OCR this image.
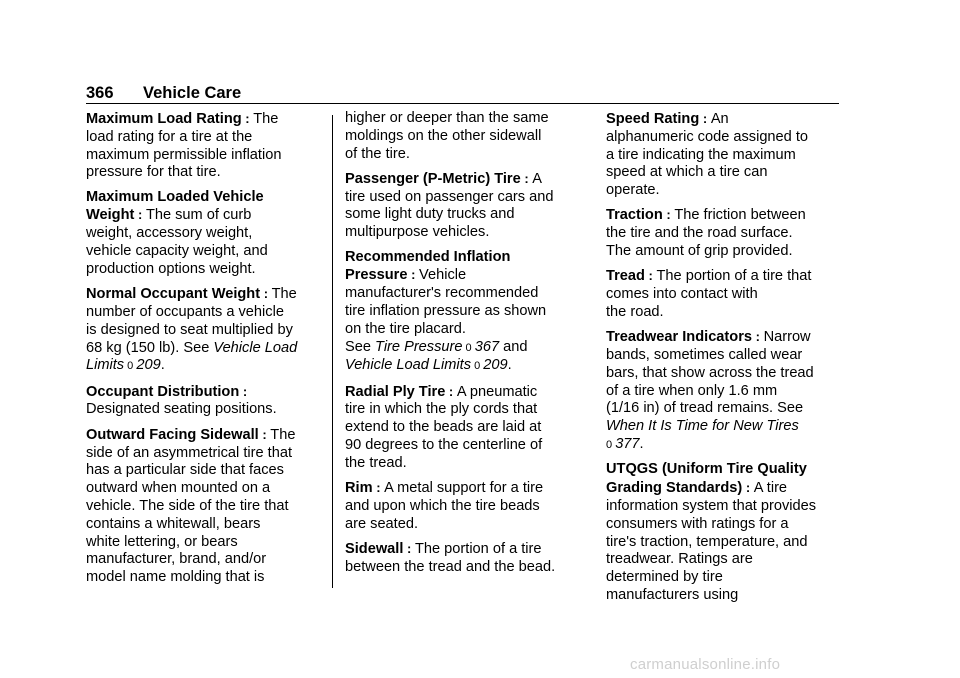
366 Vehicle Care
Maximum Load Rating : The
load rating for a tire at the
maximum permissible inflation
pressure for that tire.
Maximum Loaded Vehicle
Weight : The sum of curb
weight, accessory weight,
vehicle capacity weight, and
production options weight.
Normal Occupant Weight : The
number of occupants a vehicle
is designed to seat multiplied by
68 kg (150 lb). See Vehicle Load
Limits 0 209.
Occupant Distribution :
Designated seating positions.
Outward Facing Sidewall : The
side of an asymmetrical tire that
has a particular side that faces
outward when mounted on a
vehicle. The side of the tire that
contains a whitewall, bears
white lettering, or bears
manufacturer, brand, and/or
model name molding that is
higher or deeper than the same
moldings on the other sidewall
of the tire.
Passenger (P-Metric) Tire : A
tire used on passenger cars and
some light duty trucks and
multipurpose vehicles.
Recommended Inflation
Pressure : Vehicle
manufacturer's recommended
tire inflation pressure as shown
on the tire placard.
See Tire Pressure 0 367 and
Vehicle Load Limits 0 209.
Radial Ply Tire : A pneumatic
tire in which the ply cords that
extend to the beads are laid at
90 degrees to the centerline of
the tread.
Rim : A metal support for a tire
and upon which the tire beads
are seated.
Sidewall : The portion of a tire
between the tread and the bead.
Speed Rating : An
alphanumeric code assigned to
a tire indicating the maximum
speed at which a tire can
operate.
Traction : The friction between
the tire and the road surface.
The amount of grip provided.
Tread : The portion of a tire that
comes into contact with
the road.
Treadwear Indicators : Narrow
bands, sometimes called wear
bars, that show across the tread
of a tire when only 1.6 mm
(1/16 in) of tread remains. See
When It Is Time for New Tires
0 377.
UTQGS (Uniform Tire Quality
Grading Standards) : A tire
information system that provides
consumers with ratings for a
tire's traction, temperature, and
treadwear. Ratings are
determined by tire
manufacturers using
carmanualsonline.info
